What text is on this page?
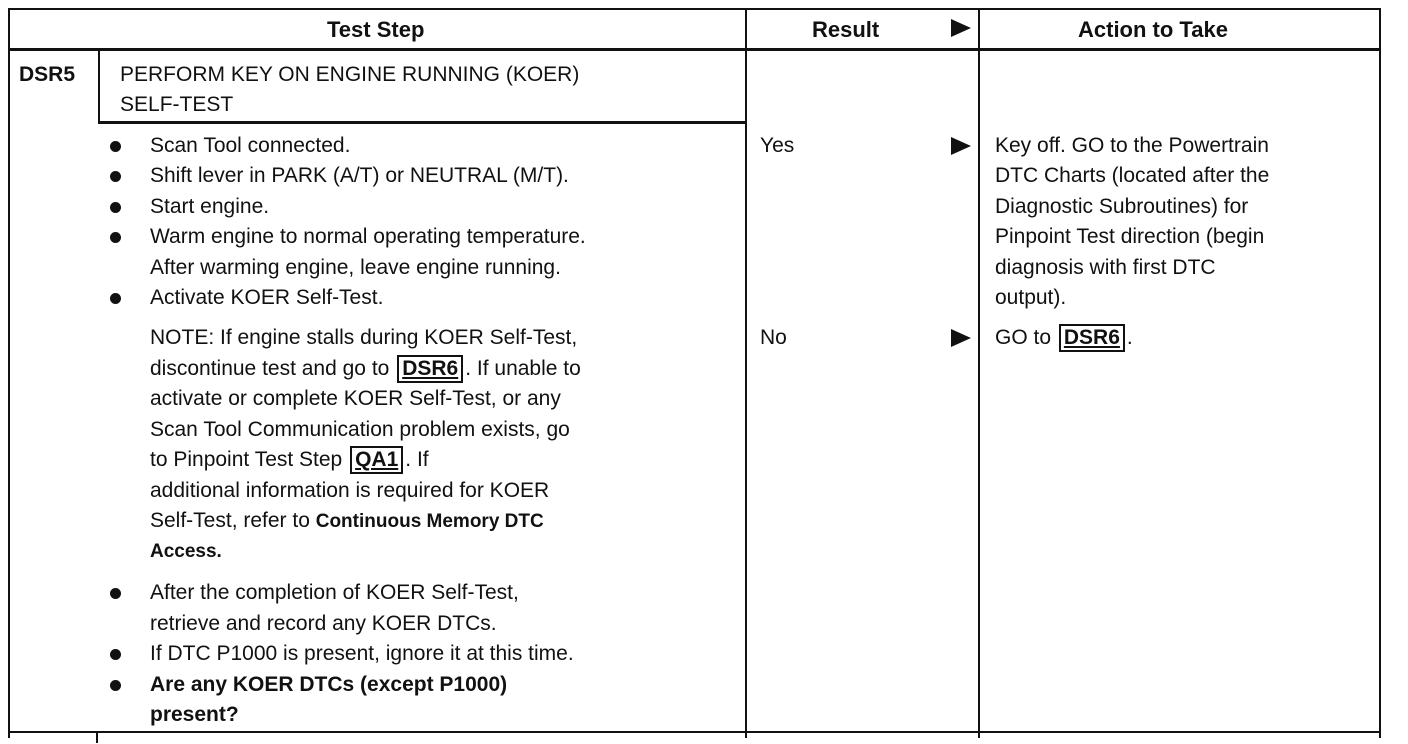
Test Step	Result	Action to Take
DSR5 PERFORM KEY ON ENGINE RUNNING (KOER)
SELF-TEST
Scan Tool connected.
Shift lever in PARK (A/T) or NEUTRAL (M/T).
Start engine.
Warm engine to normal operating temperature.
After warming engine, leave engine running.
Activate KOER Self-Test.
NOTE: If engine stalls during KOER Self-Test,
discontinue test and go to DSR6 . If unable to
activate or complete KOER Self-Test, or any
Scan Tool Communication problem exists, go
to Pinpoint Test Step QA1 . If
additional information is required for KOER
Self-Test, refer to Continuous Memory DTC
Access.
After the completion of KOER Self-Test,
retrieve and record any KOER DTCs.
If DTC P1000 is present, ignore it at this time.
Are any KOER DTCs (except P1000)
present?
Yes
No
Key off. GO to the Powertrain
DTC Charts (located after the
Diagnostic Subroutines) for
Pinpoint Test direction (begin
diagnosis with first DTC
output).
GO to DSR6 .
